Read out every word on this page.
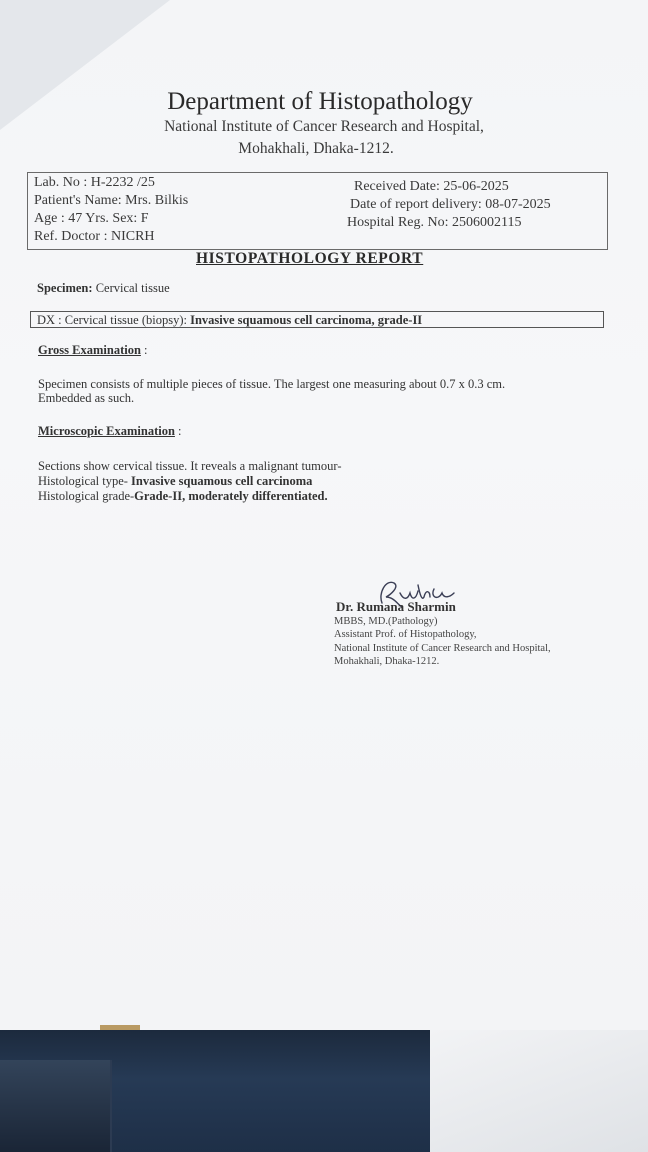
Department of Histopathology
National Institute of Cancer Research and Hospital,
Mohakhali, Dhaka-1212.
Lab. No : H-2232 /25
Patient's Name: Mrs. Bilkis
Age : 47 Yrs. Sex: F
Ref. Doctor : NICRH
Received Date: 25-06-2025
Date of report delivery: 08-07-2025
Hospital Reg. No: 2506002115
HISTOPATHOLOGY REPORT
Specimen: Cervical tissue
DX : Cervical tissue (biopsy): Invasive squamous cell carcinoma, grade-II
Gross Examination :
Specimen consists of multiple pieces of tissue. The largest one measuring about 0.7 x 0.3 cm.
Embedded as such.
Microscopic Examination :
Sections show cervical tissue. It reveals a malignant tumour-
Histological type- Invasive squamous cell carcinoma
Histological grade-Grade-II, moderately differentiated.
Dr. Rumana Sharmin
MBBS, MD.(Pathology)
Assistant Prof. of Histopathology,
National Institute of Cancer Research and Hospital,
Mohakhali, Dhaka-1212.
